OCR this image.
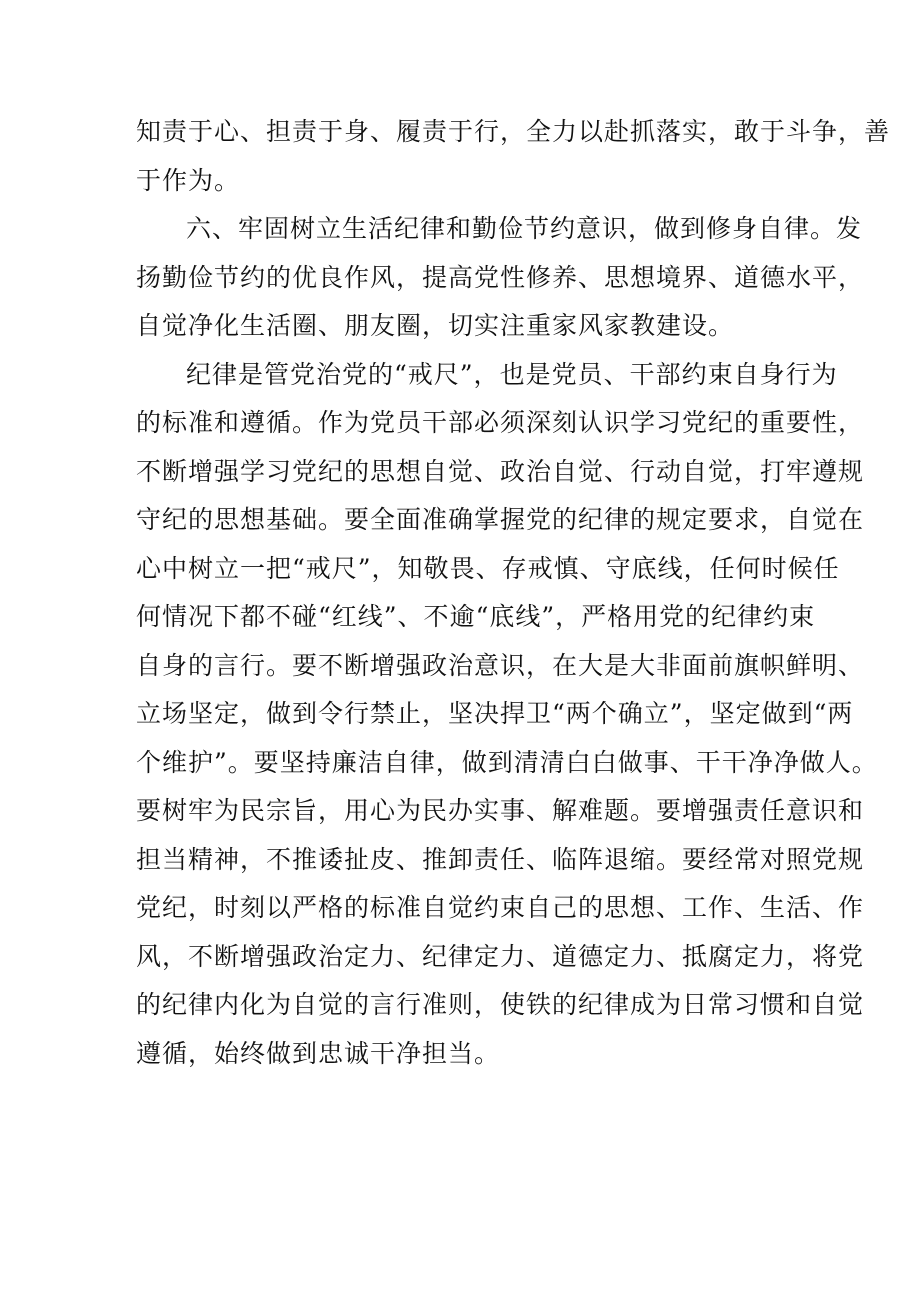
知责于心、担责于身、履责于行，全力以赴抓落实，敢于斗争，善
于作为。
六、牢固树立生活纪律和勤俭节约意识，做到修身自律。发
扬勤俭节约的优良作风，提高党性修养、思想境界、道德水平，
自觉净化生活圈、朋友圈，切实注重家风家教建设。
纪律是管党治党的“戒尺”，也是党员、干部约束自身行为
的标准和遵循。作为党员干部必须深刻认识学习党纪的重要性，
不断增强学习党纪的思想自觉、政治自觉、行动自觉，打牢遵规
守纪的思想基础。要全面准确掌握党的纪律的规定要求，自觉在
心中树立一把“戒尺”，知敬畏、存戒慎、守底线，任何时候任
何情况下都不碰“红线”、不逾“底线”，严格用党的纪律约束
自身的言行。要不断增强政治意识，在大是大非面前旗帜鲜明、
立场坚定，做到令行禁止，坚决捍卫“两个确立”，坚定做到“两
个维护”。要坚持廉洁自律，做到清清白白做事、干干净净做人。
要树牢为民宗旨，用心为民办实事、解难题。要增强责任意识和
担当精神，不推诿扯皮、推卸责任、临阵退缩。要经常对照党规
党纪，时刻以严格的标准自觉约束自己的思想、工作、生活、作
风，不断增强政治定力、纪律定力、道德定力、抵腐定力，将党
的纪律内化为自觉的言行准则，使铁的纪律成为日常习惯和自觉
遵循，始终做到忠诚干净担当。
